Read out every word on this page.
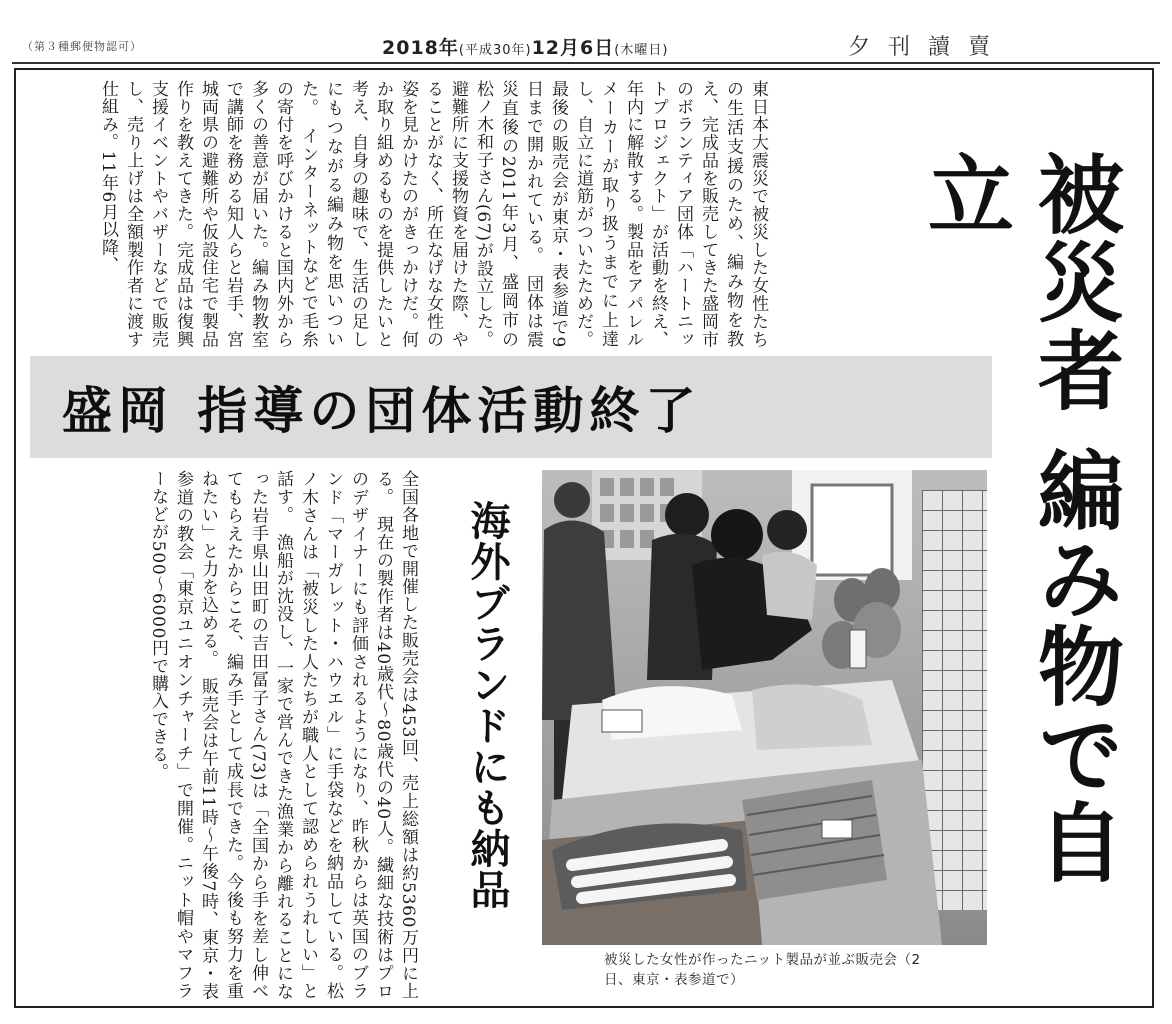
（第３種郵便物認可）	2018年(平成30年)12月6日(木曜日)	夕刊讀賣
被災者 編み物で自立
東日本大震災で被災した女性たちの生活支援のため、編み物を教え、完成品を販売してきた盛岡市のボランティア団体「ハートニットプロジェクト」が活動を終え、年内に解散する。製品をアパレルメーカーが取り扱うまでに上達し、自立に道筋がついたためだ。最後の販売会が東京・表参道で9日まで開かれている。　団体は震災直後の2011年3月、盛岡市の松ノ木和子さん(67)が設立した。避難所に支援物資を届けた際、やることがなく、所在なげな女性の姿を見かけたのがきっかけだ。何か取り組めるものを提供したいと考え、自身の趣味で、生活の足しにもつながる編み物を思いついた。　インターネットなどで毛糸の寄付を呼びかけると国内外から多くの善意が届いた。編み物教室で講師を務める知人らと岩手、宮城両県の避難所や仮設住宅で製品作りを教えてきた。完成品は復興支援イベントやバザーなどで販売し、売り上げは全額製作者に渡す仕組み。11年6月以降、
盛岡 指導の団体活動終了
全国各地で開催した販売会は453回、売上総額は約5360万円に上る。　現在の製作者は40歳代〜80歳代の40人。繊細な技術はプロのデザイナーにも評価されるようになり、昨秋からは英国のブランド「マーガレット・ハウエル」に手袋などを納品している。松ノ木さんは「被災した人たちが職人として認められうれしい」と話す。　漁船が沈没し、一家で営んできた漁業から離れることになった岩手県山田町の吉田冨子さん(73)は「全国から手を差し伸べてもらえたからこそ、編み手として成長できた。今後も努力を重ねたい」と力を込める。　販売会は午前11時〜午後7時、東京・表参道の教会「東京ユニオンチャーチ」で開催。ニット帽やマフラーなどが500〜6000円で購入できる。	海外ブランドにも納品
被災した女性が作ったニット製品が並ぶ販売会（2日、東京・表参道で）
